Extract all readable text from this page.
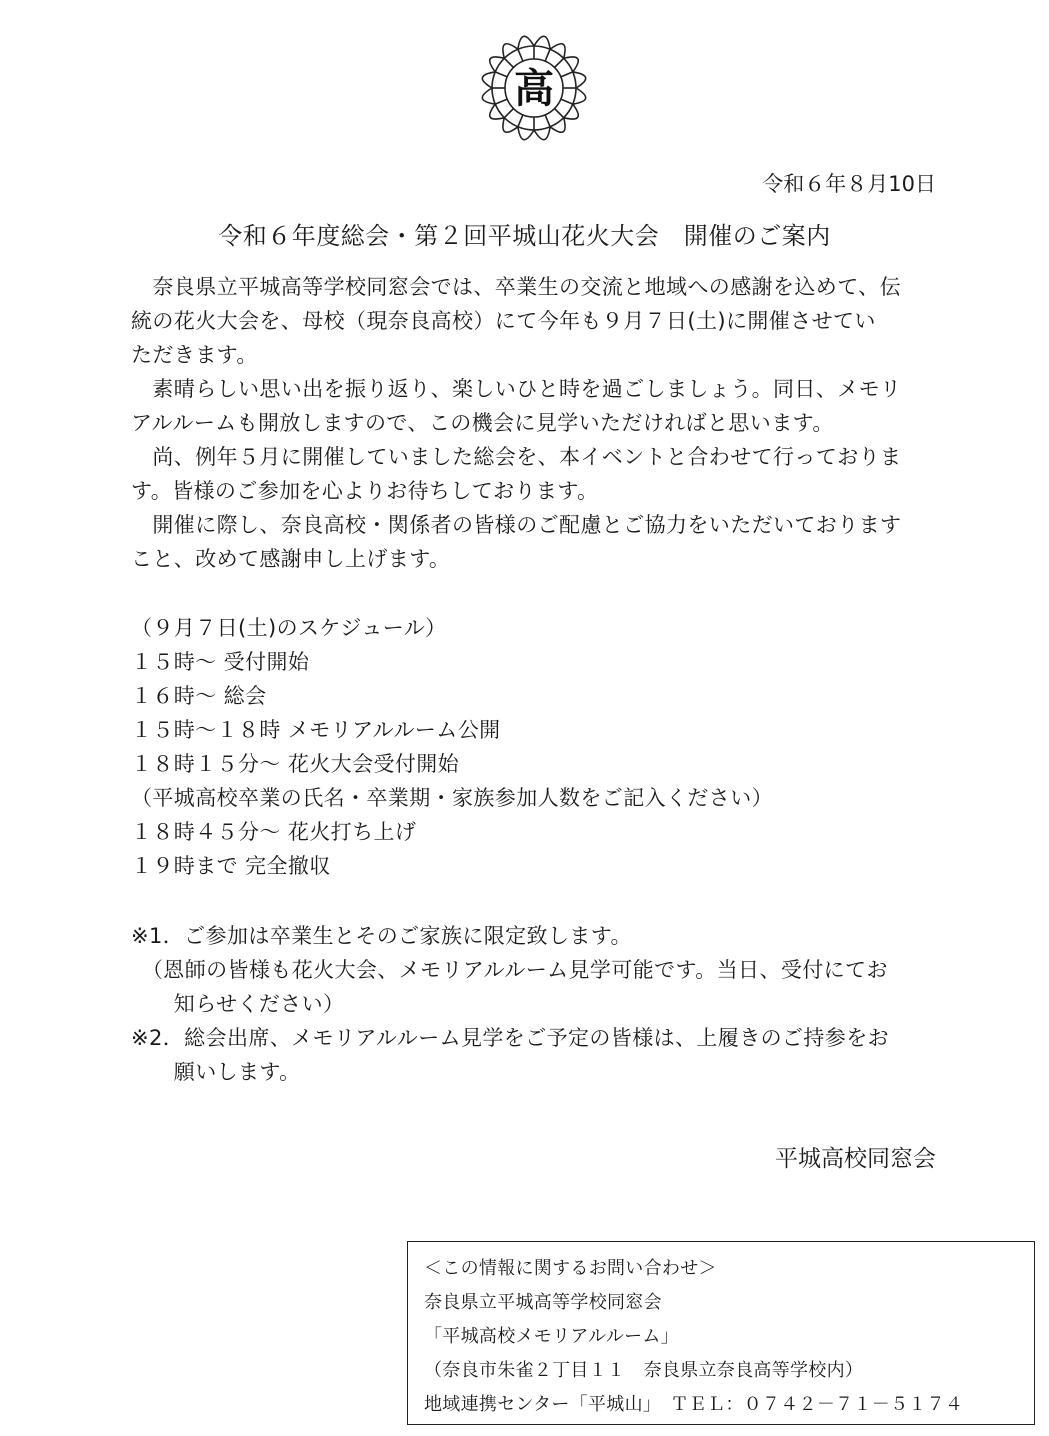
高
令和６年８月10日
令和６年度総会・第２回平城山花火大会　開催のご案内
　奈良県立平城高等学校同窓会では、卒業生の交流と地域への感謝を込めて、伝
統の花火大会を、母校（現奈良高校）にて今年も９月７日(土)に開催させてい
ただきます。
　素晴らしい思い出を振り返り、楽しいひと時を過ごしましょう。同日、メモリ
アルルームも開放しますので、この機会に見学いただければと思います。
　尚、例年５月に開催していました総会を、本イベントと合わせて行っておりま
す。皆様のご参加を心よりお待ちしております。
　開催に際し、奈良高校・関係者の皆様のご配慮とご協力をいただいております
こと、改めて感謝申し上げます。
（９月７日(土)のスケジュール）
１５時～ 受付開始
１６時～ 総会
１５時～１８時 メモリアルルーム公開
１８時１５分～ 花火大会受付開始
（平城高校卒業の氏名・卒業期・家族参加人数をご記入ください）
１８時４５分～ 花火打ち上げ
１９時まで 完全撤収
※1．ご参加は卒業生とそのご家族に限定致します。
　（恩師の皆様も花火大会、メモリアルルーム見学可能です。当日、受付にてお
　　知らせください）
※2．総会出席、メモリアルルーム見学をご予定の皆様は、上履きのご持参をお
　　願いします。
平城高校同窓会
＜この情報に関するお問い合わせ＞
奈良県立平城高等学校同窓会
「平城高校メモリアルルーム」
（奈良市朱雀２丁目１１　奈良県立奈良高等学校内）
地域連携センター「平城山」　ＴＥＬ：０７４２－７１－５１７４
